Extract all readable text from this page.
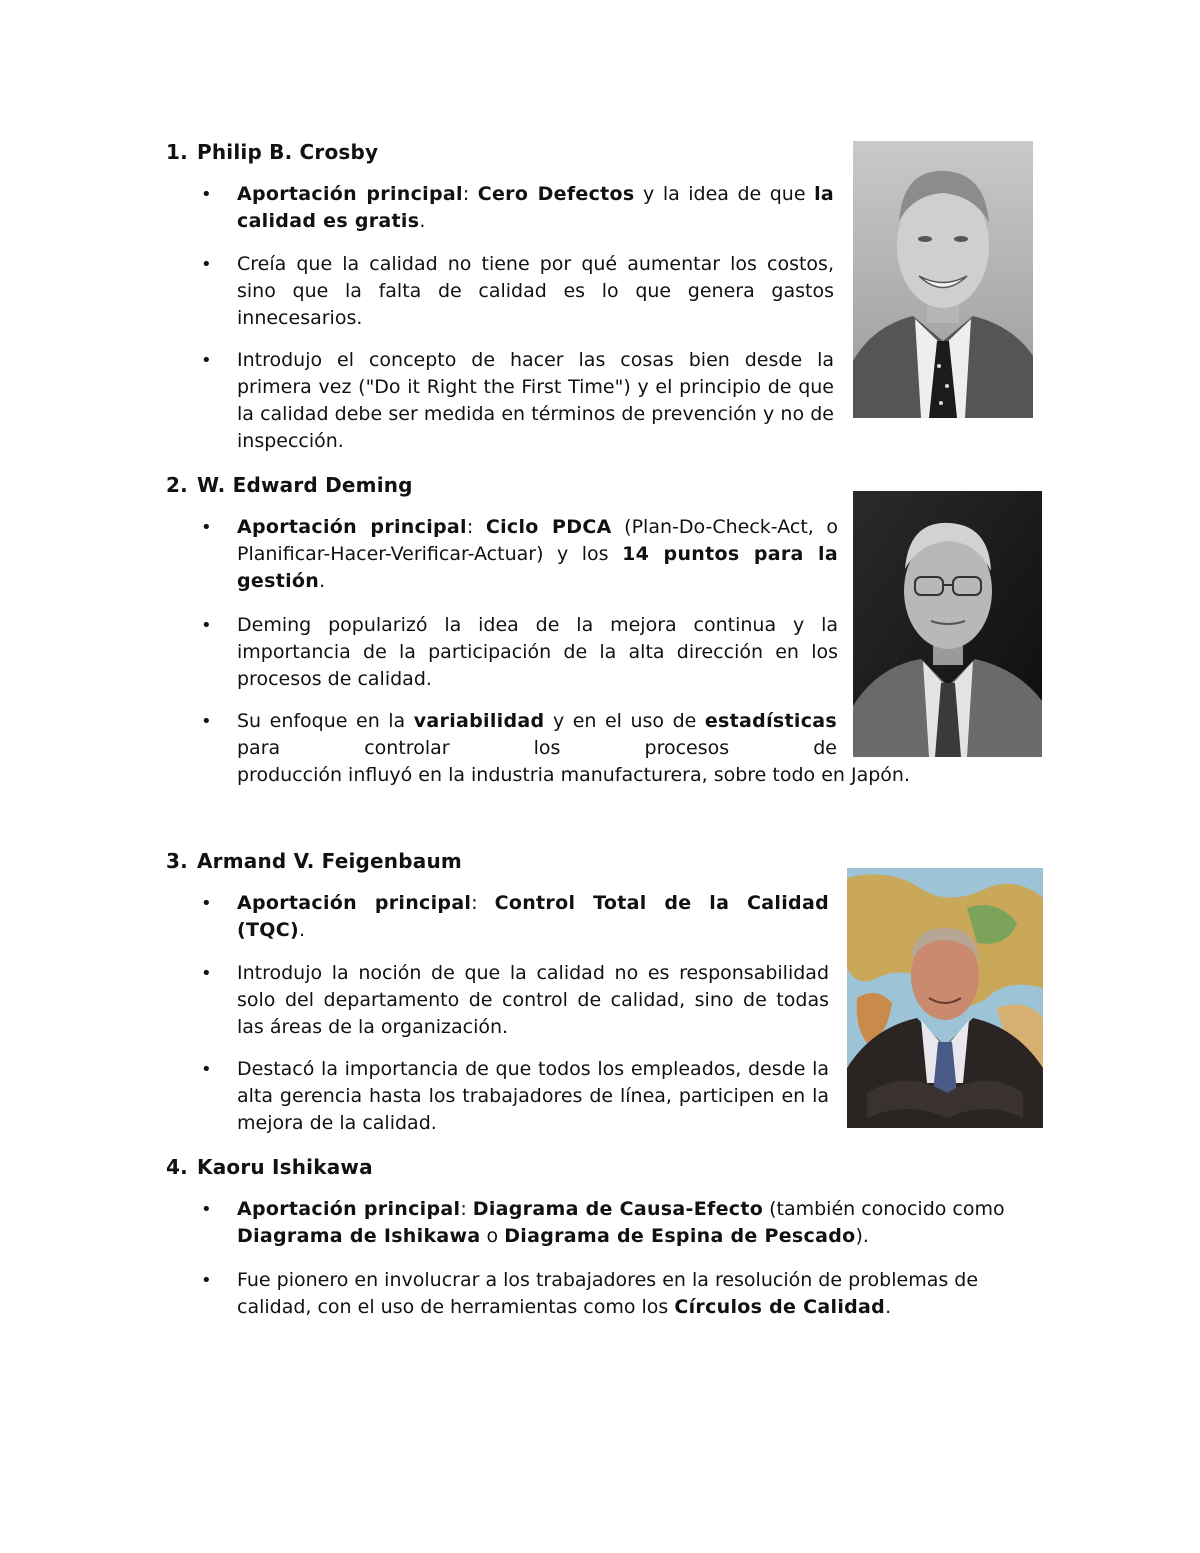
1. Philip B. Crosby
• Aportación principal: Cero Defectos y la idea de que la calidad es gratis.
• Creía que la calidad no tiene por qué aumentar los costos, sino que la falta de calidad es lo que genera gastos innecesarios.
• Introdujo el concepto de hacer las cosas bien desde la primera vez ("Do it Right the First Time") y el principio de que la calidad debe ser medida en términos de prevención y no de inspección.
2. W. Edward Deming
• Aportación principal: Ciclo PDCA (Plan-Do-Check-Act, o Planificar-Hacer-Verificar-Actuar) y los 14 puntos para la gestión.
• Deming popularizó la idea de la mejora continua y la importancia de la participación de la alta dirección en los procesos de calidad.
• Su enfoque en la variabilidad y en el uso de estadísticas para controlar los procesos de
producción influyó en la industria manufacturera, sobre todo en Japón.
3. Armand V. Feigenbaum
• Aportación principal: Control Total de la Calidad (TQC).
• Introdujo la noción de que la calidad no es responsabilidad solo del departamento de control de calidad, sino de todas las áreas de la organización.
• Destacó la importancia de que todos los empleados, desde la alta gerencia hasta los trabajadores de línea, participen en la mejora de la calidad.
4. Kaoru Ishikawa
• Aportación principal: Diagrama de Causa-Efecto (también conocido como Diagrama de Ishikawa o Diagrama de Espina de Pescado).
• Fue pionero en involucrar a los trabajadores en la resolución de problemas de calidad, con el uso de herramientas como los Círculos de Calidad.
